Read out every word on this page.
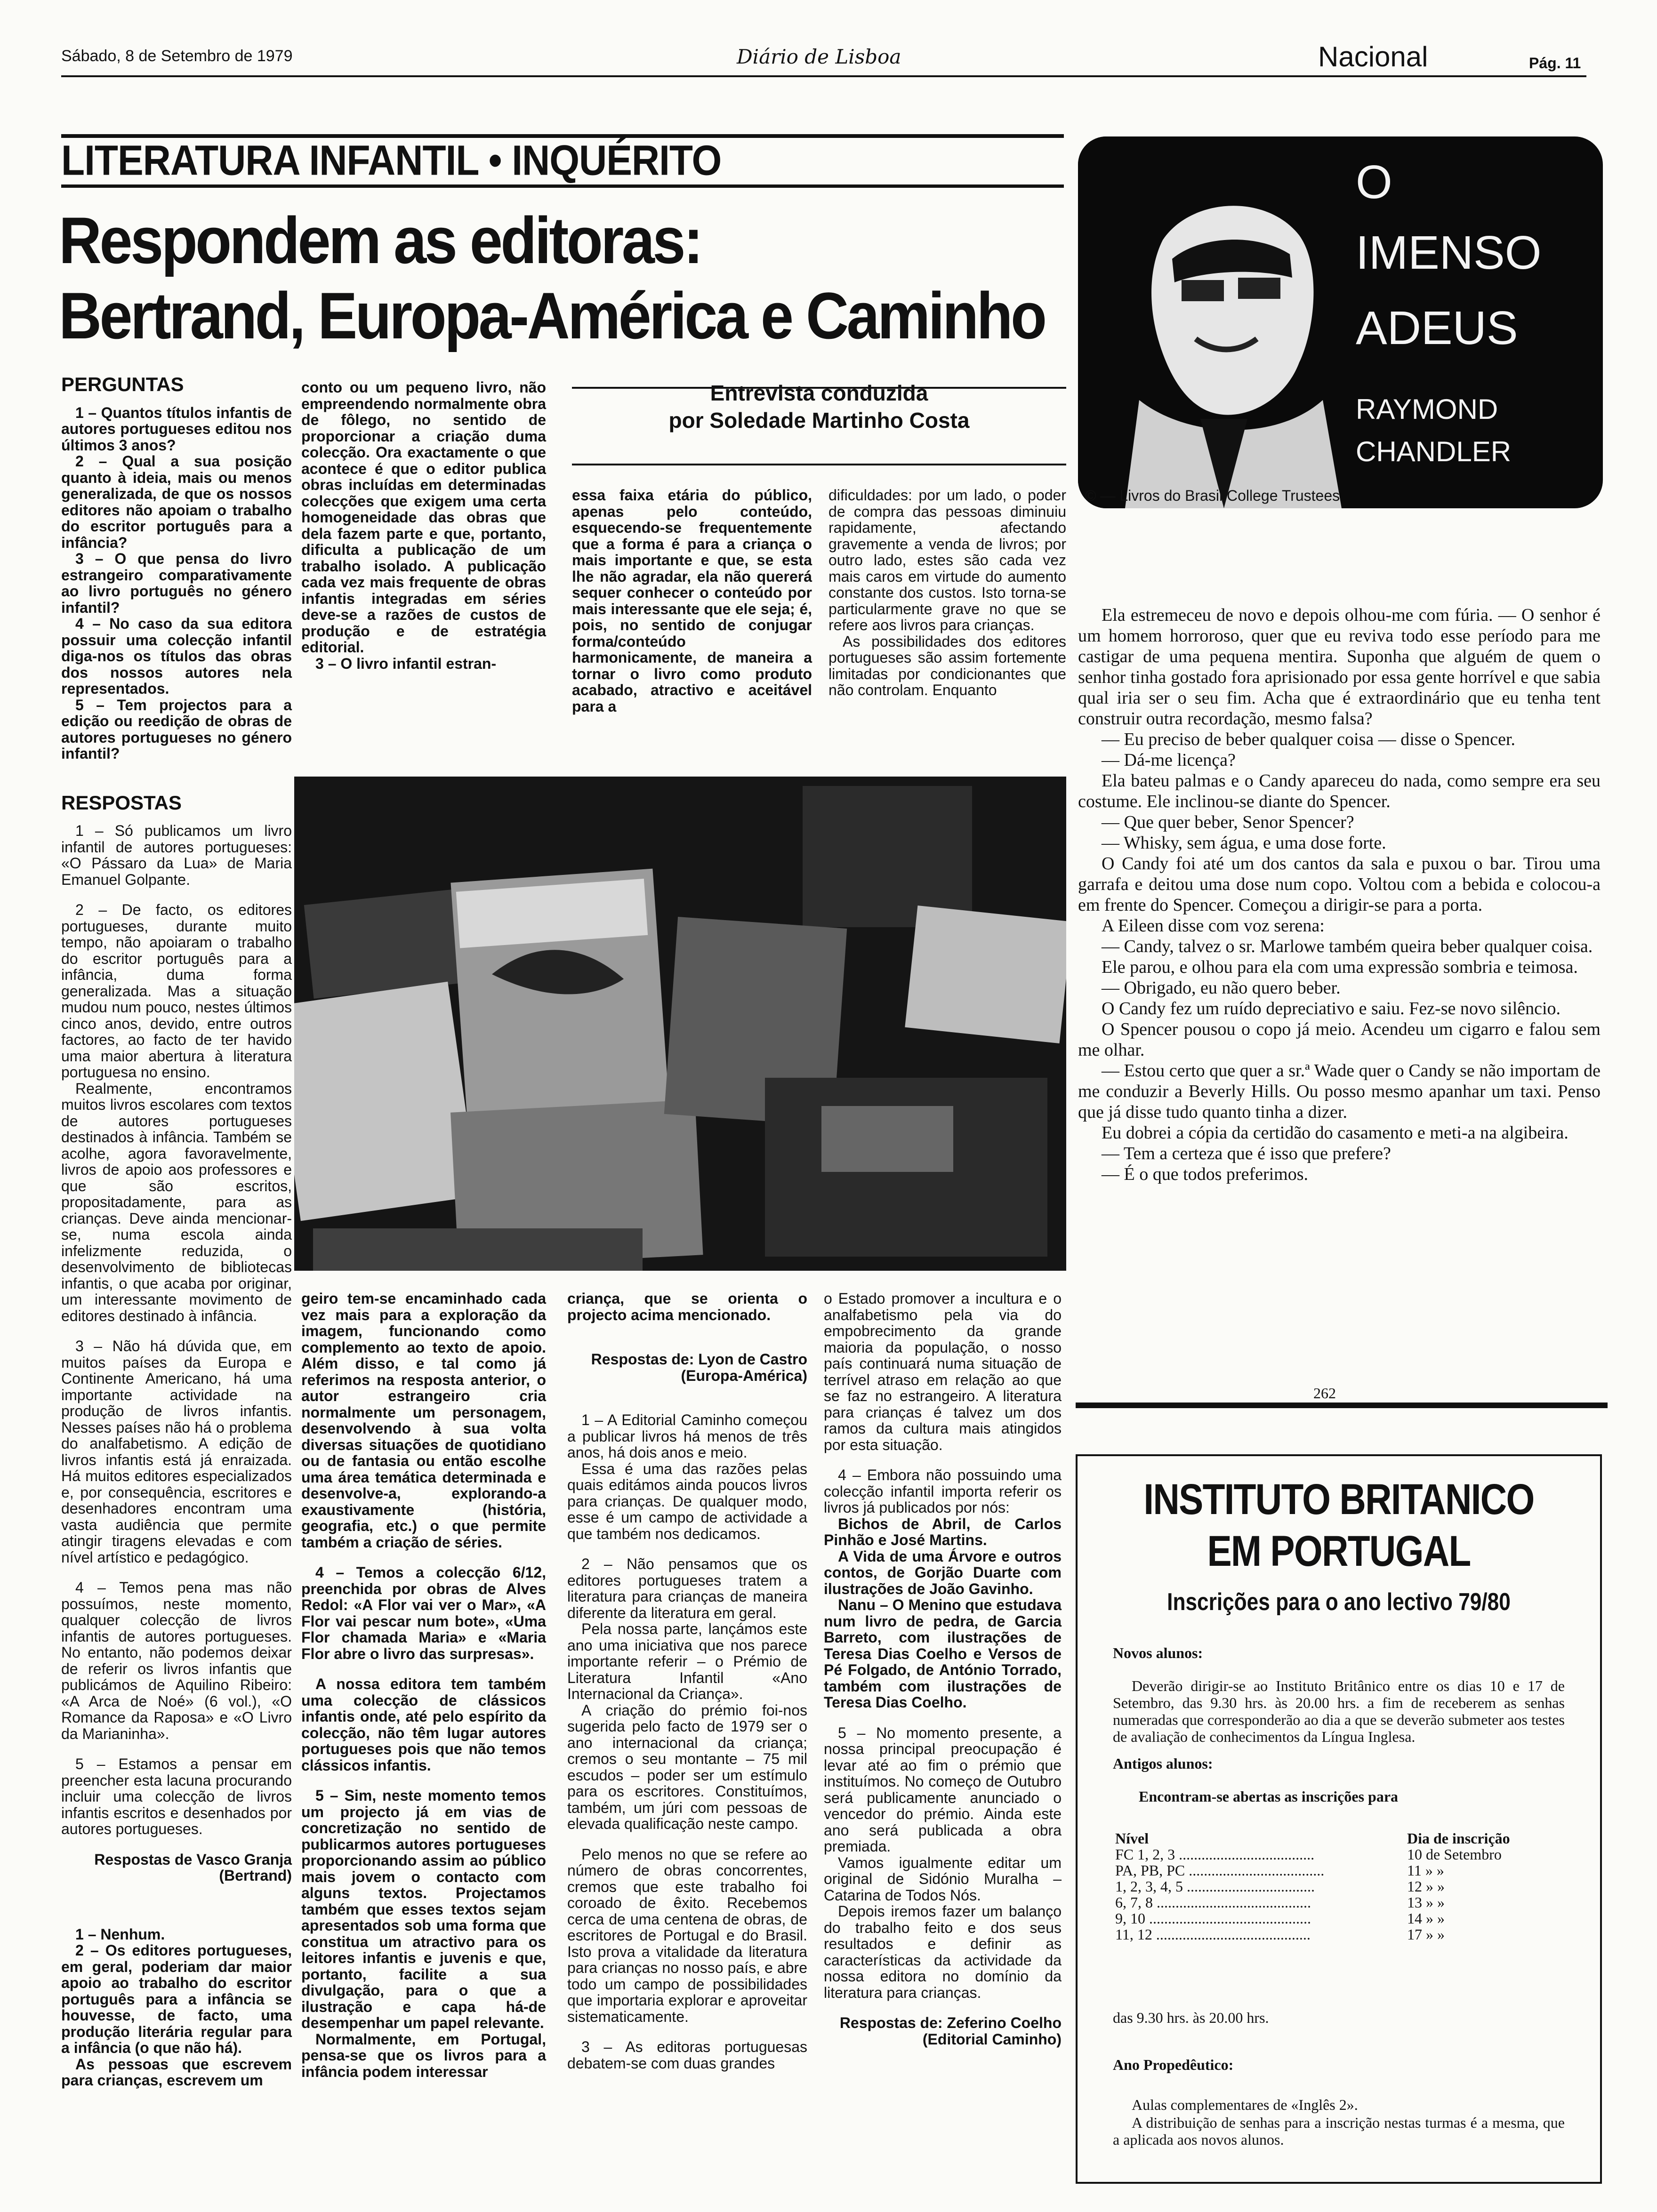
Sábado, 8 de Setembro de 1979	Diário de Lisboa	Nacional	Pág. 11
LITERATURA INFANTIL • INQUÉRITO
Respondem as editoras:
Bertrand, Europa-América e Caminho
Entrevista conduzida
por Soledade Martinho Costa

PERGUNTAS

1 – Quantos títulos infantis de autores portugueses editou nos últimos 3 anos?

2 – Qual a sua posição quanto à ideia, mais ou menos generalizada, de que os nossos editores não apoiam o trabalho do escritor português para a infância?

3 – O que pensa do livro estrangeiro comparativamente ao livro português no género infantil?

4 – No caso da sua editora possuir uma colecção infantil diga-nos os títulos das obras dos nossos autores nela representados.

5 – Tem projectos para a edição ou reedição de obras de autores portugueses no género infantil?

RESPOSTAS

1 – Só publicamos um livro infantil de autores portugueses: «O Pássaro da Lua» de Maria Emanuel Golpante.

2 – De facto, os editores portugueses, durante muito tempo, não apoiaram o trabalho do escritor português para a infância, duma forma generalizada. Mas a situação mudou num pouco, nestes últimos cinco anos, devido, entre outros factores, ao facto de ter havido uma maior abertura à literatura portuguesa no ensino.

Realmente, encontramos muitos livros escolares com textos de autores portugueses destinados à infância. Também se acolhe, agora favoravelmente, livros de apoio aos professores e que são escritos, propositadamente, para as crianças. Deve ainda mencionar-se, numa escola ainda infelizmente reduzida, o desenvolvimento de bibliotecas infantis, o que acaba por originar, um interessante movimento de editores destinado à infância.

3 – Não há dúvida que, em muitos países da Europa e Continente Americano, há uma importante actividade na produção de livros infantis. Nesses países não há o problema do analfabetismo. A edição de livros infantis está já enraizada. Há muitos editores especializados e, por consequência, escritores e desenhadores encontram uma vasta audiência que permite atingir tiragens elevadas e com nível artístico e pedagógico.

4 – Temos pena mas não possuímos, neste momento, qualquer colecção de livros infantis de autores portugueses. No entanto, não podemos deixar de referir os livros infantis que publicámos de Aquilino Ribeiro: «A Arca de Noé» (6 vol.), «O Romance da Raposa» e «O Livro da Marianinha».

5 – Estamos a pensar em preencher esta lacuna procurando incluir uma colecção de livros infantis escritos e desenhados por autores portugueses.

Respostas de Vasco Granja (Bertrand)

1 – Nenhum.

2 – Os editores portugueses, em geral, poderiam dar maior apoio ao trabalho do escritor português para a infância se houvesse, de facto, uma produção literária regular para a infância (o que não há).

As pessoas que escrevem para crianças, escrevem um

conto ou um pequeno livro, não empreendendo normalmente obra de fôlego, no sentido de proporcionar a criação duma colecção. Ora exactamente o que acontece é que o editor publica obras incluídas em determinadas colecções que exigem uma certa homogeneidade das obras que dela fazem parte e que, portanto, dificulta a publicação de um trabalho isolado. A publicação cada vez mais frequente de obras infantis integradas em séries deve-se a razões de custos de produção e de estratégia editorial.

3 – O livro infantil estran-

essa faixa etária do público, apenas pelo conteúdo, esquecendo-se frequentemente que a forma é para a criança o mais importante e que, se esta lhe não agradar, ela não quererá sequer conhecer o conteúdo por mais interessante que ele seja; é, pois, no sentido de conjugar forma/conteúdo harmonicamente, de maneira a tornar o livro como produto acabado, atractivo e aceitável para a

dificuldades: por um lado, o poder de compra das pessoas diminuiu rapidamente, afectando gravemente a venda de livros; por outro lado, estes são cada vez mais caros em virtude do aumento constante dos custos. Isto torna-se particularmente grave no que se refere aos livros para crianças.

As possibilidades dos editores portugueses são assim fortemente limitadas por condicionantes que não controlam. Enquanto

geiro tem-se encaminhado cada vez mais para a exploração da imagem, funcionando como complemento ao texto de apoio. Além disso, e tal como já referimos na resposta anterior, o autor estrangeiro cria normalmente um personagem, desenvolvendo à sua volta diversas situações de quotidiano ou de fantasia ou então escolhe uma área temática determinada e desenvolve-a, explorando-a exaustivamente (história, geografia, etc.) o que permite também a criação de séries.

4 – Temos a colecção 6/12, preenchida por obras de Alves Redol: «A Flor vai ver o Mar», «A Flor vai pescar num bote», «Uma Flor chamada Maria» e «Maria Flor abre o livro das surpresas».

A nossa editora tem também uma colecção de clássicos infantis onde, até pelo espírito da colecção, não têm lugar autores portugueses pois que não temos clássicos infantis.

5 – Sim, neste momento temos um projecto já em vias de concretização no sentido de publicarmos autores portugueses proporcionando assim ao público mais jovem o contacto com alguns textos. Projectamos também que esses textos sejam apresentados sob uma forma que constitua um atractivo para os leitores infantis e juvenis e que, portanto, facilite a sua divulgação, para o que a ilustração e capa há-de desempenhar um papel relevante.

Normalmente, em Portugal, pensa-se que os livros para a infância podem interessar

criança, que se orienta o projecto acima mencionado.

Respostas de: Lyon de Castro (Europa-América)

1 – A Editorial Caminho começou a publicar livros há menos de três anos, há dois anos e meio.

Essa é uma das razões pelas quais editámos ainda poucos livros para crianças. De qualquer modo, esse é um campo de actividade a que também nos dedicamos.

2 – Não pensamos que os editores portugueses tratem a literatura para crianças de maneira diferente da literatura em geral.

Pela nossa parte, lançámos este ano uma iniciativa que nos parece importante referir – o Prémio de Literatura Infantil «Ano Internacional da Criança».

A criação do prémio foi-nos sugerida pelo facto de 1979 ser o ano internacional da criança; cremos o seu montante – 75 mil escudos – poder ser um estímulo para os escritores. Constituímos, também, um júri com pessoas de elevada qualificação neste campo.

Pelo menos no que se refere ao número de obras concorrentes, cremos que este trabalho foi coroado de êxito. Recebemos cerca de uma centena de obras, de escritores de Portugal e do Brasil. Isto prova a vitalidade da literatura para crianças no nosso país, e abre todo um campo de possibilidades que importaria explorar e aproveitar sistematicamente.

3 – As editoras portuguesas debatem-se com duas grandes

o Estado promover a incultura e o analfabetismo pela via do empobrecimento da grande maioria da população, o nosso país continuará numa situação de terrível atraso em relação ao que se faz no estrangeiro. A literatura para crianças é talvez um dos ramos da cultura mais atingidos por esta situação.

4 – Embora não possuindo uma colecção infantil importa referir os livros já publicados por nós:

Bichos de Abril, de Carlos Pinhão e José Martins.

A Vida de uma Árvore e outros contos, de Gorjão Duarte com ilustrações de João Gavinho.

Nanu – O Menino que estudava num livro de pedra, de Garcia Barreto, com ilustrações de Teresa Dias Coelho e Versos de Pé Folgado, de António Torrado, também com ilustrações de Teresa Dias Coelho.

5 – No momento presente, a nossa principal preocupação é levar até ao fim o prémio que instituímos. No começo de Outubro será publicamente anunciado o vencedor do prémio. Ainda este ano será publicada a obra premiada.

Vamos igualmente editar um original de Sidónio Muralha – Catarina de Todos Nós.

Depois iremos fazer um balanço do trabalho feito e dos seus resultados e definir as características da actividade da nossa editora no domínio da literatura para crianças.

Respostas de: Zeferino Coelho (Editorial Caminho)

O
IMENSO
ADEUS
RAYMOND
CHANDLER
© — Livros do Brasil/College Trustees

Ela estremeceu de novo e depois olhou-me com fúria. — O senhor é um homem horroroso, quer que eu reviva todo esse período para me castigar de uma pequena mentira. Suponha que alguém de quem o senhor tinha gostado fora aprisionado por essa gente horrível e que sabia qual iria ser o seu fim. Acha que é extraordinário que eu tenha tent construir outra recordação, mesmo falsa?

— Eu preciso de beber qualquer coisa — disse o Spencer.

— Dá-me licença?

Ela bateu palmas e o Candy apareceu do nada, como sempre era seu costume. Ele inclinou-se diante do Spencer.

— Que quer beber, Senor Spencer?

— Whisky, sem água, e uma dose forte.

O Candy foi até um dos cantos da sala e puxou o bar. Tirou uma garrafa e deitou uma dose num copo. Voltou com a bebida e colocou-a em frente do Spencer. Começou a dirigir-se para a porta.

A Eileen disse com voz serena:

— Candy, talvez o sr. Marlowe também queira beber qualquer coisa.

Ele parou, e olhou para ela com uma expressão sombria e teimosa.

— Obrigado, eu não quero beber.

O Candy fez um ruído depreciativo e saiu. Fez-se novo silêncio.

O Spencer pousou o copo já meio. Acendeu um cigarro e falou sem me olhar.

— Estou certo que quer a sr.ª Wade quer o Candy se não importam de me conduzir a Beverly Hills. Ou posso mesmo apanhar um taxi. Penso que já disse tudo quanto tinha a dizer.

Eu dobrei a cópia da certidão do casamento e meti-a na algibeira.

— Tem a certeza que é isso que prefere?

— É o que todos preferimos.

262
INSTITUTO BRITANICO
EM PORTUGAL
Inscrições para o ano lectivo 79/80
Novos alunos:
Deverão dirigir-se ao Instituto Britânico entre os dias 10 e 17 de Setembro, das 9.30 hrs. às 20.00 hrs. a fim de receberem as senhas numeradas que corresponderão ao dia a que se deverão submeter aos testes de avaliação de conhecimentos da Língua Inglesa.
Antigos alunos:
Encontram-se abertas as inscrições para
Nível	Dia de inscrição
FC 1, 2, 3 ....................................	10 de Setembro
PA, PB, PC ....................................	11 » »
1, 2, 3, 4, 5 ..................................	12 » »
6, 7, 8 .........................................	13 » »
9, 10 ...........................................	14 » »
11, 12 .........................................	17 » »
das 9.30 hrs. às 20.00 hrs.
Ano Propedêutico:
Aulas complementares de «Inglês 2».
A distribuição de senhas para a inscrição nestas turmas é a mesma, que a aplicada aos novos alunos.
